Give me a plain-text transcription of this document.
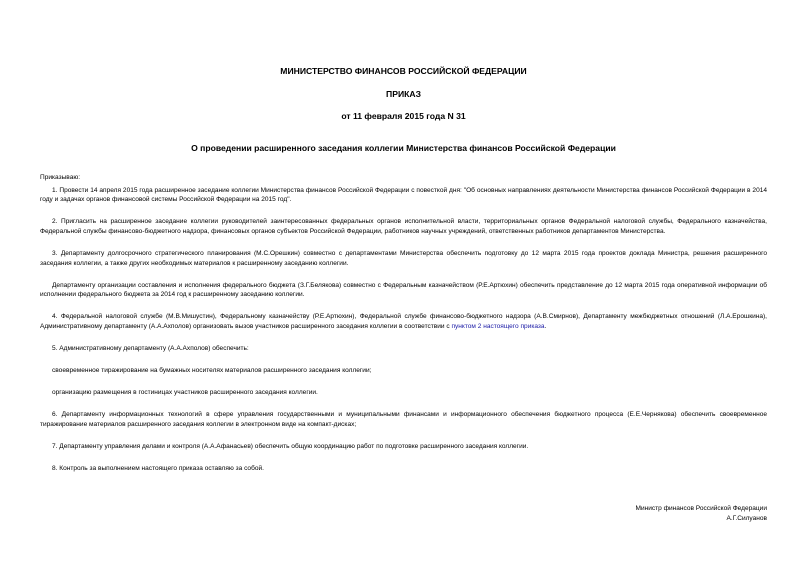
МИНИСТЕРСТВО ФИНАНСОВ РОССИЙСКОЙ ФЕДЕРАЦИИ
ПРИКАЗ
от 11 февраля 2015 года N 31
О проведении расширенного заседания коллегии Министерства финансов Российской Федерации

Приказываю:

1. Провести 14 апреля 2015 года расширенное заседание коллегии Министерства финансов Российской Федерации с повесткой дня: "Об основных направлениях деятельности Министерства финансов Российской Федерации в 2014 году и задачах органов финансовой системы Российской Федерации на 2015 год".

2. Пригласить на расширенное заседание коллегии руководителей заинтересованных федеральных органов исполнительной власти, территориальных органов Федеральной налоговой службы, Федерального казначейства, Федеральной службы финансово-бюджетного надзора, финансовых органов субъектов Российской Федерации, работников научных учреждений, ответственных работников департаментов Министерства.

3. Департаменту долгосрочного стратегического планирования (М.С.Орешкин) совместно с департаментами Министерства обеспечить подготовку до 12 марта 2015 года проектов доклада Министра, решения расширенного заседания коллегии, а также других необходимых материалов к расширенному заседанию коллегии.

Департаменту организации составления и исполнения федерального бюджета (З.Г.Белякова) совместно с Федеральным казначейством (Р.Е.Артюхин) обеспечить представление до 12 марта 2015 года оперативной информации об исполнении федерального бюджета за 2014 год к расширенному заседанию коллегии.

4. Федеральной налоговой службе (М.В.Мишустин), Федеральному казначейству (Р.Е.Артюхин), Федеральной службе финансово-бюджетного надзора (А.В.Смирнов), Департаменту межбюджетных отношений (Л.А.Ерошкина), Административному департаменту (А.А.Ахполов) организовать вызов участников расширенного заседания коллегии в соответствии с пунктом 2 настоящего приказа.

5. Административному департаменту (А.А.Ахполов) обеспечить:

своевременное тиражирование на бумажных носителях материалов расширенного заседания коллегии;

организацию размещения в гостиницах участников расширенного заседания коллегии.

6. Департаменту информационных технологий в сфере управления государственными и муниципальными финансами и информационного обеспечения бюджетного процесса (Е.Е.Чернякова) обеспечить своевременное тиражирование материалов расширенного заседания коллегии в электронном виде на компакт-дисках;

7. Департаменту управления делами и контроля (А.А.Афанасьев) обеспечить общую координацию работ по подготовке расширенного заседания коллегии.

8. Контроль за выполнением настоящего приказа оставляю за собой.

Министр финансов Российской Федерации
А.Г.Силуанов
